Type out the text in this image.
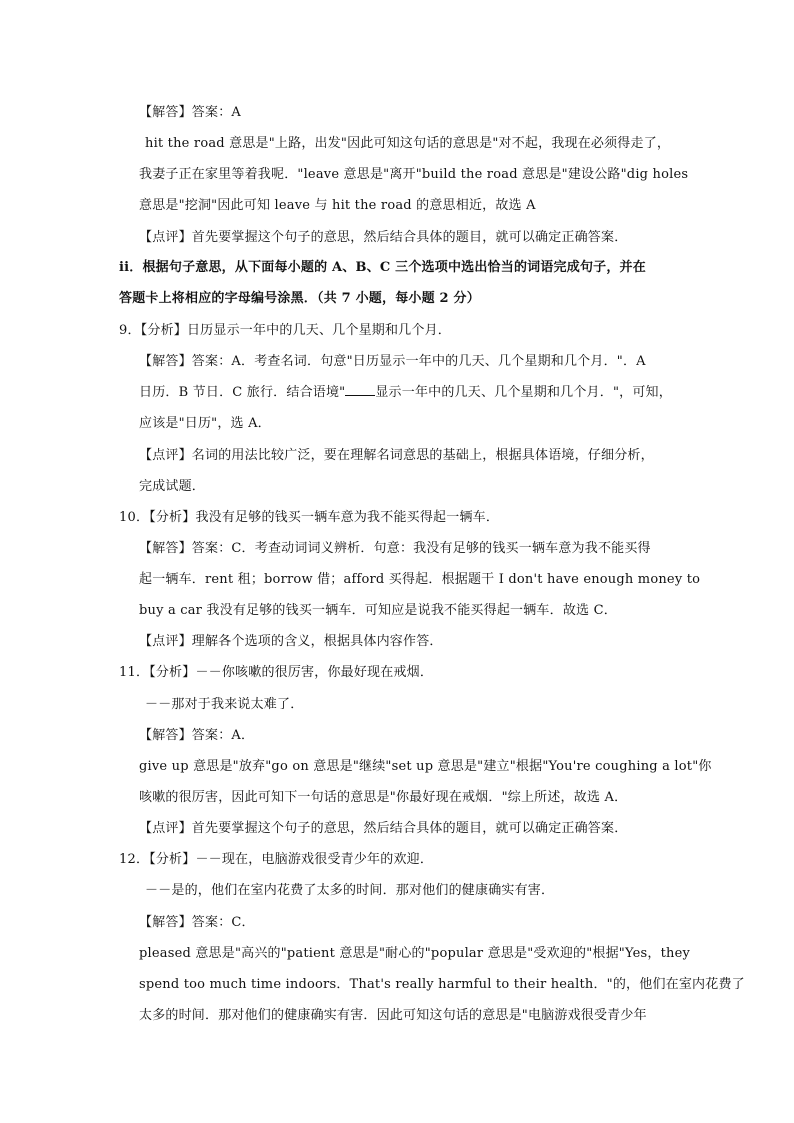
【解答】答案：A
hit the road 意思是"上路，出发"因此可知这句话的意思是"对不起，我现在必须得走了，
我妻子正在家里等着我呢．"leave 意思是"离开"build the road 意思是"建设公路"dig holes
意思是"挖洞"因此可知 leave 与 hit the road 的意思相近，故选 A
【点评】首先要掌握这个句子的意思，然后结合具体的题目，就可以确定正确答案．
ii．根据句子意思，从下面每小题的 A、B、C 三个选项中选出恰当的词语完成句子，并在
答题卡上将相应的字母编号涂黑．（共 7 小题，每小题 2 分）
9．【分析】日历显示一年中的几天、几个星期和几个月．
【解答】答案：A．考查名词．句意"日历显示一年中的几天、几个星期和几个月．"．A
日历．B 节日．C 旅行．结合语境" 显示一年中的几天、几个星期和几个月．"，可知，
应该是"日历"，选 A．
【点评】名词的用法比较广泛，要在理解名词意思的基础上，根据具体语境，仔细分析，
完成试题．
10．【分析】我没有足够的钱买一辆车意为我不能买得起一辆车．
【解答】答案：C．考查动词词义辨析．句意：我没有足够的钱买一辆车意为我不能买得
起一辆车．rent 租；borrow 借；afford 买得起．根据题干 I don't have enough money to
buy a car 我没有足够的钱买一辆车．可知应是说我不能买得起一辆车．故选 C．
【点评】理解各个选项的含义，根据具体内容作答．
11．【分析】－－你咳嗽的很厉害，你最好现在戒烟．
－－那对于我来说太难了．
【解答】答案：A．
give up 意思是"放弃"go on 意思是"继续"set up 意思是"建立"根据"You're coughing a lot"你
咳嗽的很厉害，因此可知下一句话的意思是"你最好现在戒烟．"综上所述，故选 A．
【点评】首先要掌握这个句子的意思，然后结合具体的题目，就可以确定正确答案．
12．【分析】－－现在，电脑游戏很受青少年的欢迎．
－－是的，他们在室内花费了太多的时间．那对他们的健康确实有害．
【解答】答案：C．
pleased 意思是"高兴的"patient 意思是"耐心的"popular 意思是"受欢迎的"根据"Yes，they
spend too much time indoors．That's really harmful to their health．"的，他们在室内花费了
太多的时间．那对他们的健康确实有害．因此可知这句话的意思是"电脑游戏很受青少年
